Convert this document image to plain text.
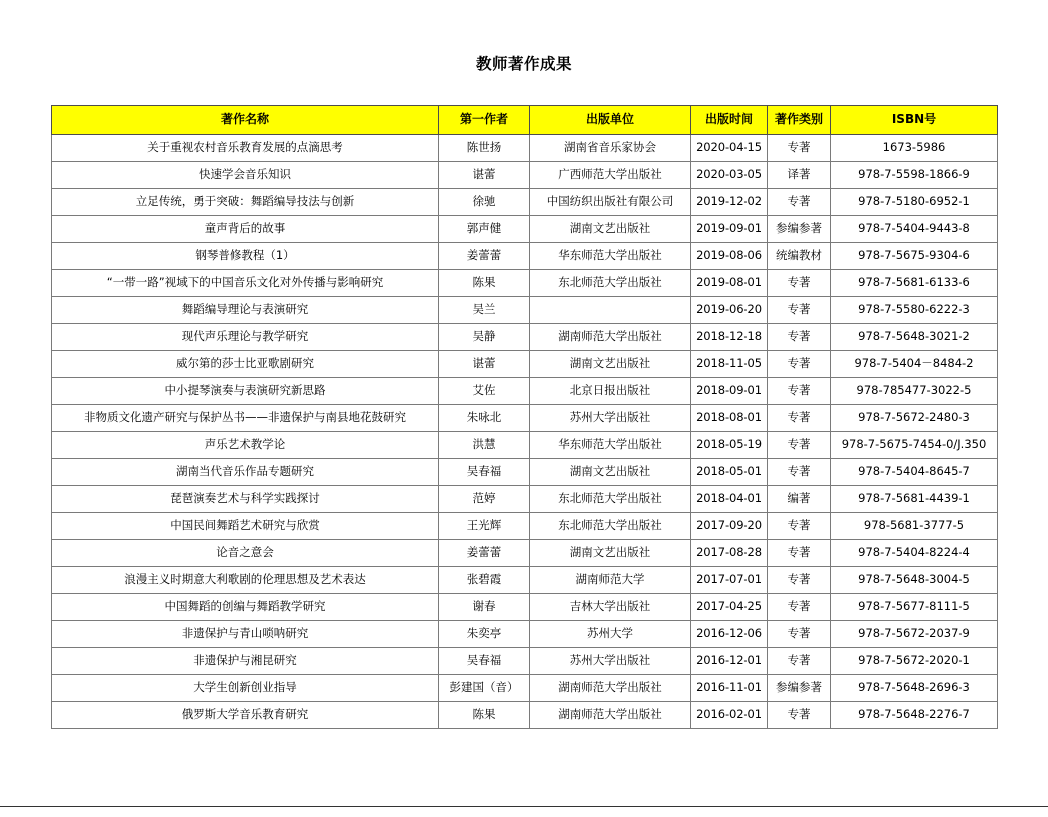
教师著作成果
著作名称	第一作者	出版单位	出版时间	著作类别	ISBN号
关于重视农村音乐教育发展的点滴思考	陈世扬	湖南省音乐家协会	2020-04-15	专著	1673-5986
快速学会音乐知识	谌蕾	广西师范大学出版社	2020-03-05	译著	978-7-5598-1866-9
立足传统，勇于突破：舞蹈编导技法与创新	徐驰	中国纺织出版社有限公司	2019-12-02	专著	978-7-5180-6952-1
童声背后的故事	郭声健	湖南文艺出版社	2019-09-01	参编参著	978-7-5404-9443-8
钢琴普修教程（1）	姜蕾蕾	华东师范大学出版社	2019-08-06	统编教材	978-7-5675-9304-6
“一带一路”视域下的中国音乐文化对外传播与影响研究	陈果	东北师范大学出版社	2019-08-01	专著	978-7-5681-6133-6
舞蹈编导理论与表演研究	吴兰		2019-06-20	专著	978-7-5580-6222-3
现代声乐理论与教学研究	吴静	湖南师范大学出版社	2018-12-18	专著	978-7-5648-3021-2
威尔第的莎士比亚歌剧研究	谌蕾	湖南文艺出版社	2018-11-05	专著	978-7-5404－8484-2
中小提琴演奏与表演研究新思路	艾佐	北京日报出版社	2018-09-01	专著	978-785477-3022-5
非物质文化遗产研究与保护丛书——非遗保护与南县地花鼓研究	朱咏北	苏州大学出版社	2018-08-01	专著	978-7-5672-2480-3
声乐艺术教学论	洪慧	华东师范大学出版社	2018-05-19	专著	978-7-5675-7454-0/J.350
湖南当代音乐作品专题研究	吴春福	湖南文艺出版社	2018-05-01	专著	978-7-5404-8645-7
琵琶演奏艺术与科学实践探讨	范婷	东北师范大学出版社	2018-04-01	编著	978-7-5681-4439-1
中国民间舞蹈艺术研究与欣赏	王光辉	东北师范大学出版社	2017-09-20	专著	978-5681-3777-5
论音之意会	姜蕾蕾	湖南文艺出版社	2017-08-28	专著	978-7-5404-8224-4
浪漫主义时期意大利歌剧的伦理思想及艺术表达	张碧霞	湖南师范大学	2017-07-01	专著	978-7-5648-3004-5
中国舞蹈的创编与舞蹈教学研究	谢春	吉林大学出版社	2017-04-25	专著	978-7-5677-8111-5
非遗保护与青山唢呐研究	朱奕亭	苏州大学	2016-12-06	专著	978-7-5672-2037-9
非遗保护与湘昆研究	吴春福	苏州大学出版社	2016-12-01	专著	978-7-5672-2020-1
大学生创新创业指导	彭建国（音）	湖南师范大学出版社	2016-11-01	参编参著	978-7-5648-2696-3
俄罗斯大学音乐教育研究	陈果	湖南师范大学出版社	2016-02-01	专著	978-7-5648-2276-7
